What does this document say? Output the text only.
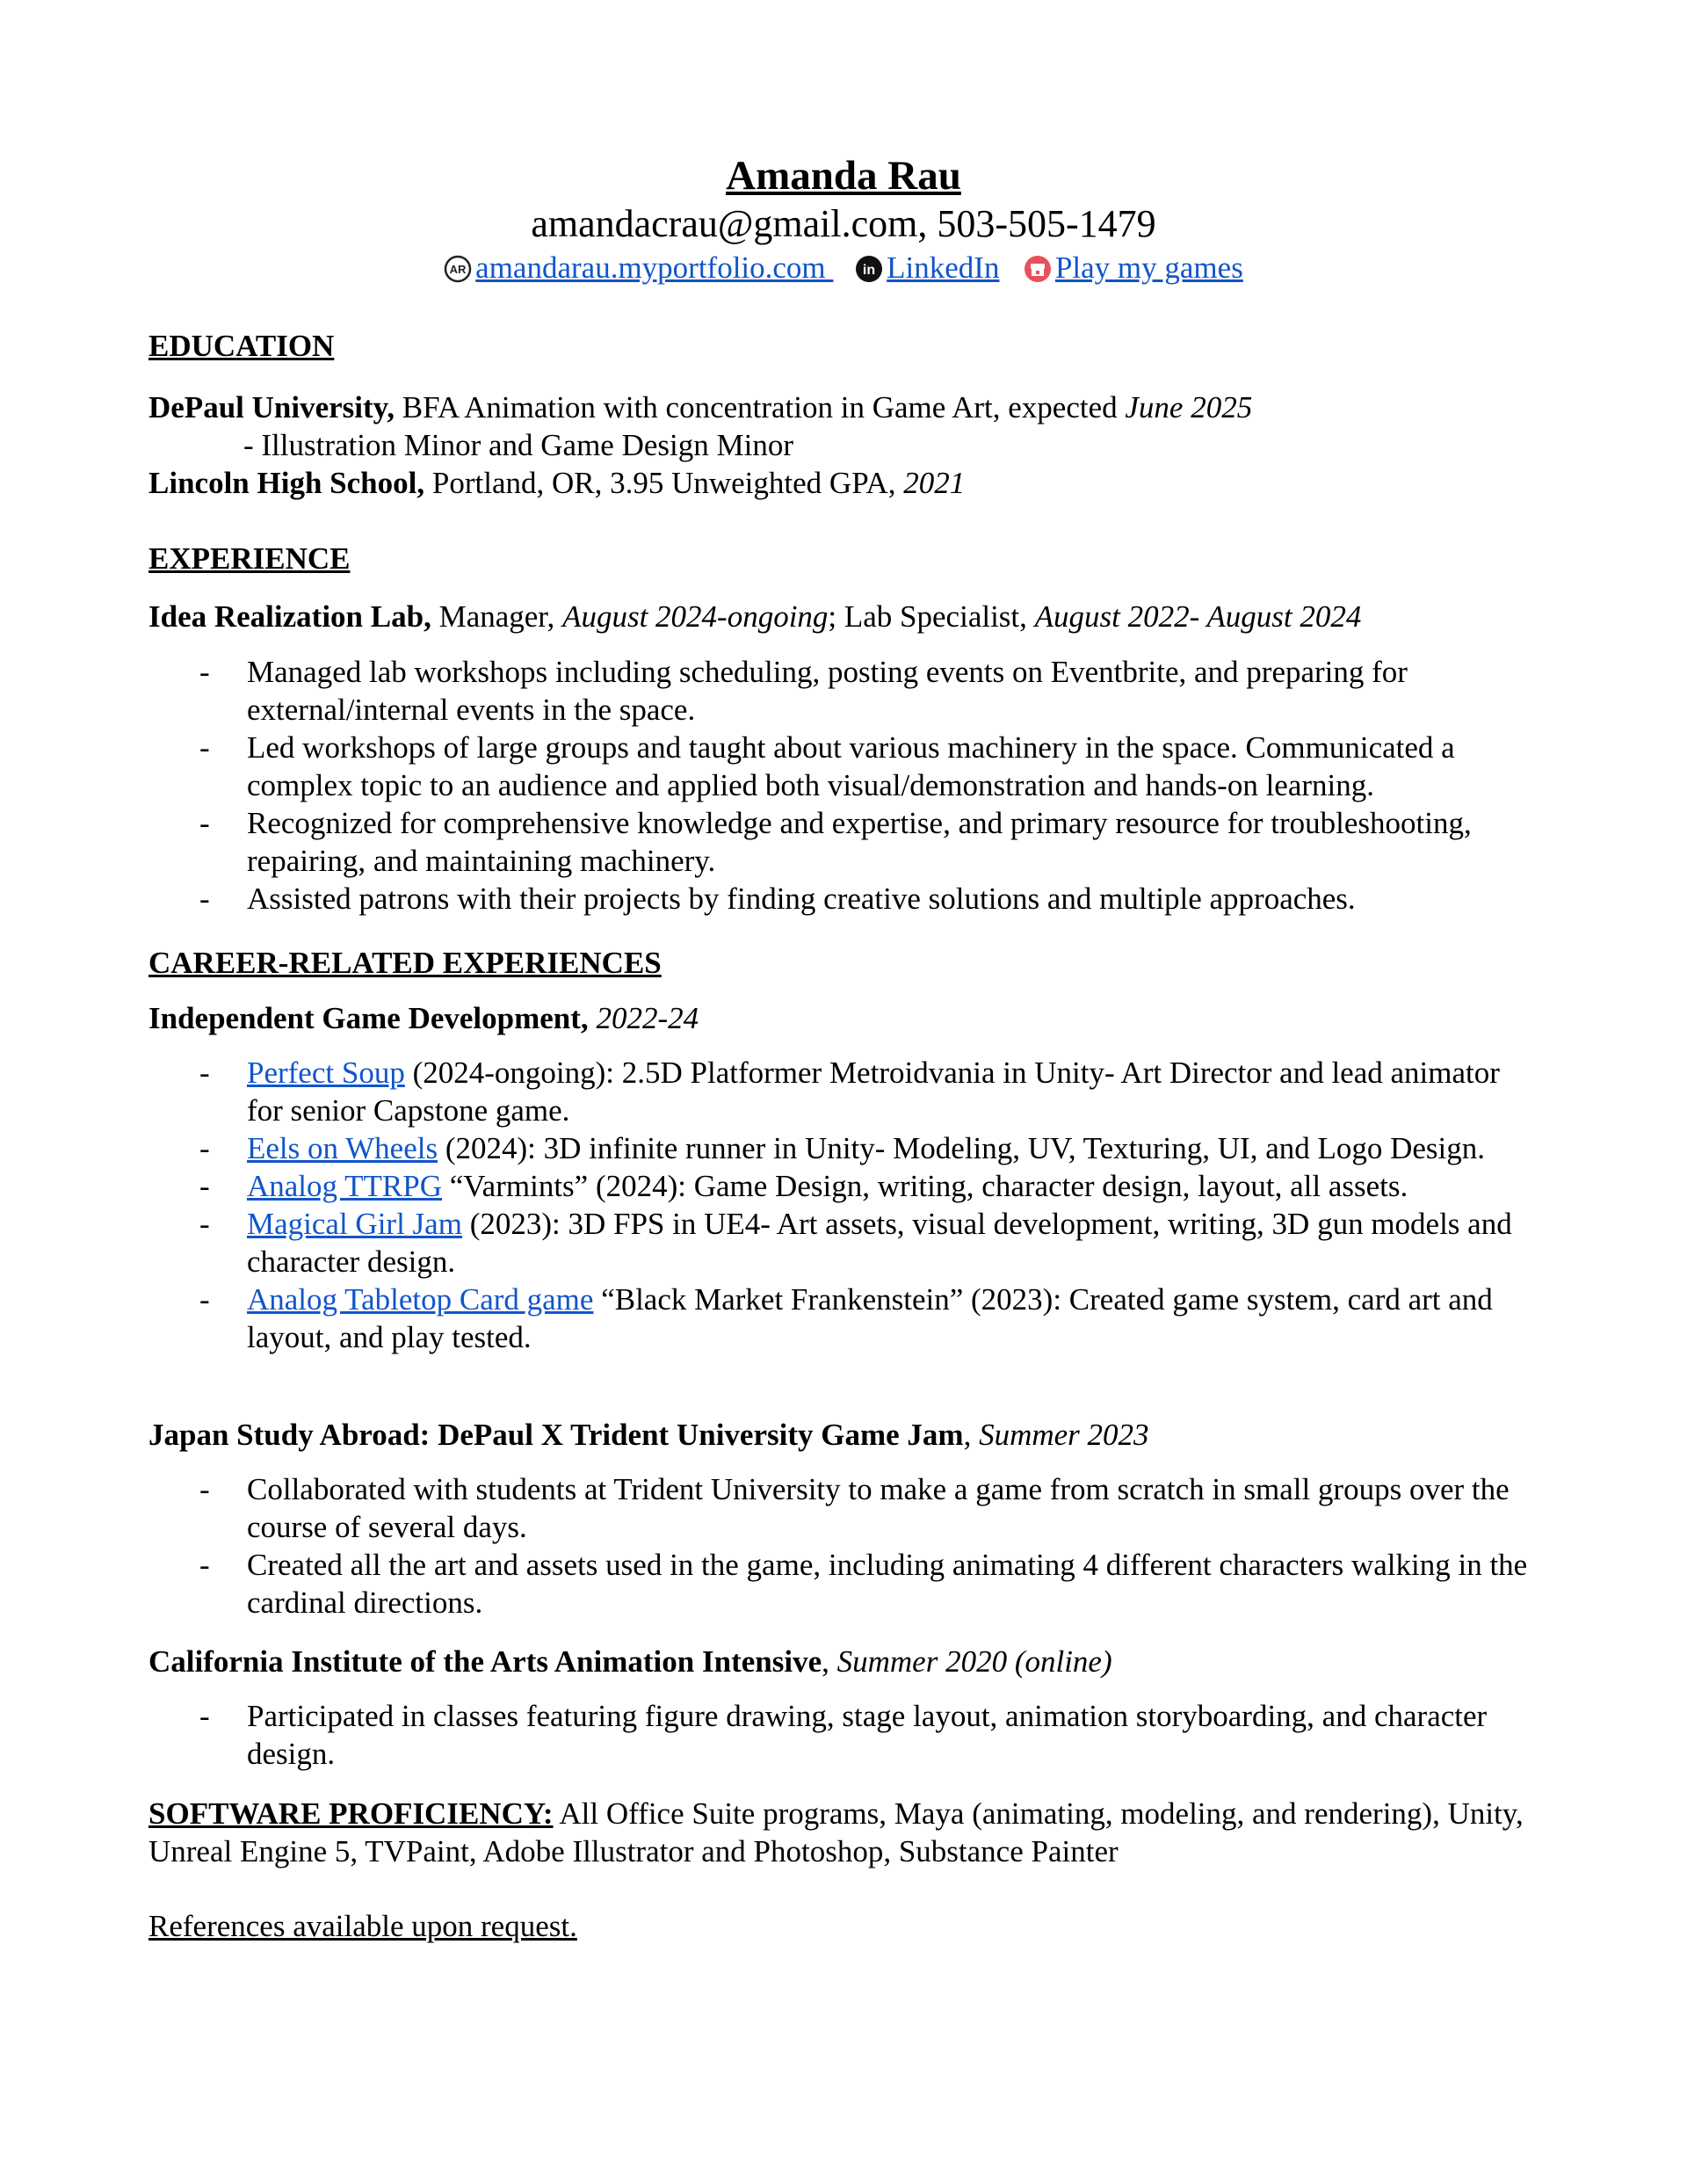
Amanda Rau
amandacrau@gmail.com, 503-505-1479
AR amandarau.myportfolio.com in LinkedIn Play my games
EDUCATION

DePaul University, BFA Animation with concentration in Game Art, expected June 2025

- Illustration Minor and Game Design Minor

Lincoln High School, Portland, OR, 3.95 Unweighted GPA, 2021

EXPERIENCE

Idea Realization Lab, Manager, August 2024-ongoing; Lab Specialist, August 2022- August 2024

- Managed lab workshops including scheduling, posting events on Eventbrite, and preparing for external/internal events in the space.
- Led workshops of large groups and taught about various machinery in the space. Communicated a complex topic to an audience and applied both visual/demonstration and hands-on learning.
- Recognized for comprehensive knowledge and expertise, and primary resource for troubleshooting, repairing, and maintaining machinery.
- Assisted patrons with their projects by finding creative solutions and multiple approaches.
CAREER-RELATED EXPERIENCES

Independent Game Development, 2022-24

- Perfect Soup (2024-ongoing): 2.5D Platformer Metroidvania in Unity- Art Director and lead animator for senior Capstone game.
- Eels on Wheels (2024): 3D infinite runner in Unity- Modeling, UV, Texturing, UI, and Logo Design.
- Analog TTRPG “Varmints” (2024): Game Design, writing, character design, layout, all assets.
- Magical Girl Jam (2023): 3D FPS in UE4- Art assets, visual development, writing, 3D gun models and character design.
- Analog Tabletop Card game “Black Market Frankenstein” (2023): Created game system, card art and layout, and play tested.

Japan Study Abroad: DePaul X Trident University Game Jam, Summer 2023

- Collaborated with students at Trident University to make a game from scratch in small groups over the course of several days.
- Created all the art and assets used in the game, including animating 4 different characters walking in the cardinal directions.

California Institute of the Arts Animation Intensive, Summer 2020 (online)

- Participated in classes featuring figure drawing, stage layout, animation storyboarding, and character design.

SOFTWARE PROFICIENCY: All Office Suite programs, Maya (animating, modeling, and rendering), Unity, Unreal Engine 5, TVPaint, Adobe Illustrator and Photoshop, Substance Painter

References available upon request.
